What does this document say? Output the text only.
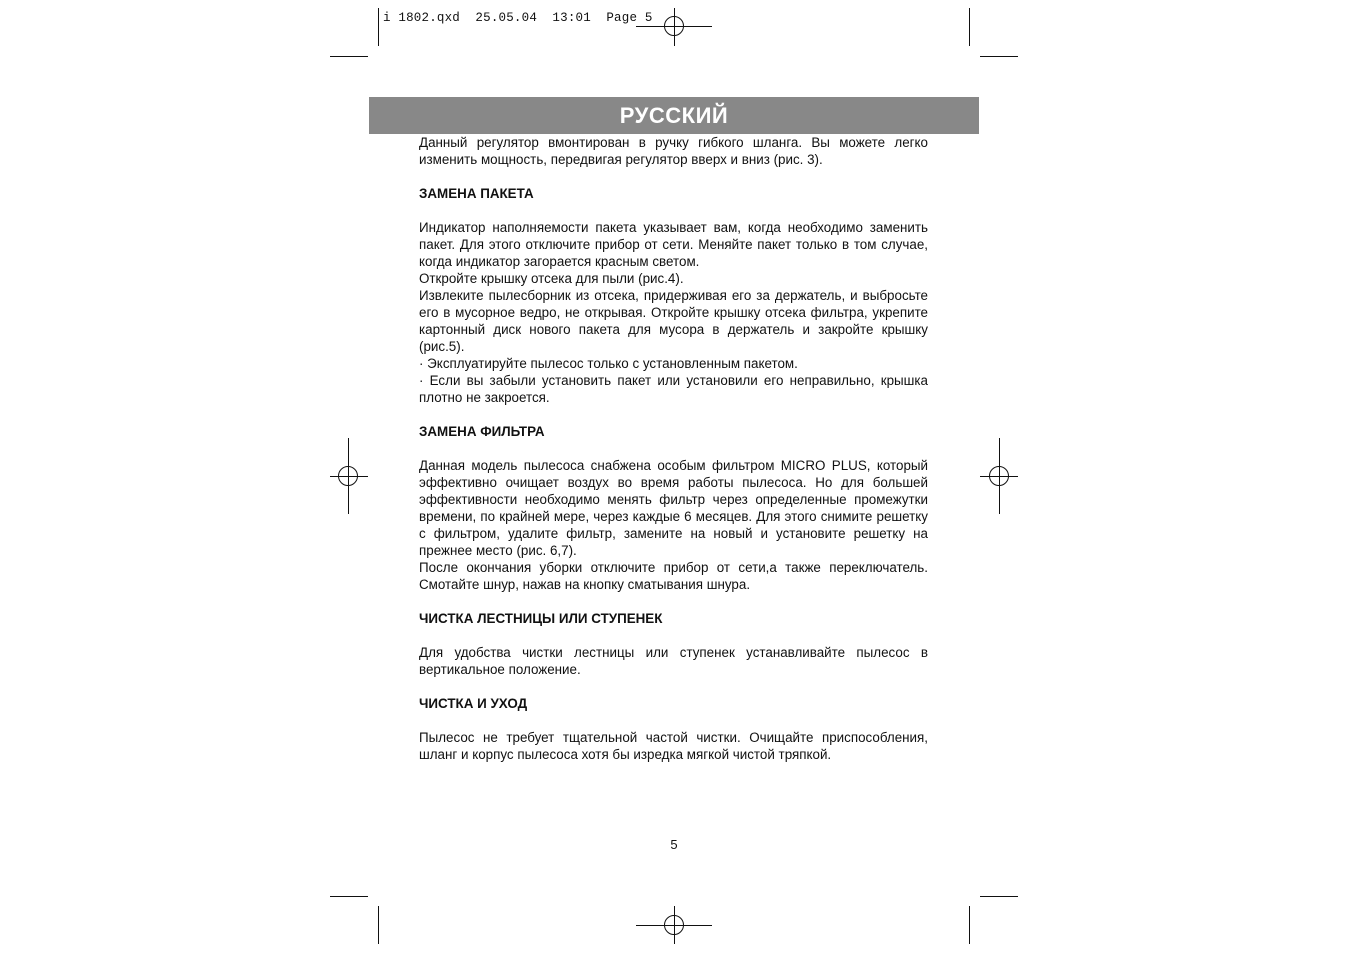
i 1802.qxd  25.05.04  13:01  Page 5
РУССКИЙ

Данный регулятор вмонтирован в ручку гибкого шланга. Вы можете легко изменить мощность, передвигая регулятор вверх и вниз (рис. 3).

ЗАМЕНА ПАКЕТА

Индикатор наполняемости пакета указывает вам, когда необходимо заменить пакет. Для этого отключите прибор от сети. Меняйте пакет только в том случае, когда индикатор загорается красным светом.

Откройте крышку отсека для пыли (рис.4).

Извлеките пылесборник из отсека, придерживая его за держатель, и выбросьте его в мусорное ведро, не открывая. Откройте крышку отсека фильтра, укрепите картонный диск нового пакета для мусора в держатель и закройте крышку (рис.5).

· Эксплуатируйте пылесос только с установленным пакетом.

· Если вы забыли установить пакет или установили его неправильно, крышка плотно не закроется.

ЗАМЕНА ФИЛЬТРА

Данная модель пылесоса снабжена особым фильтром MICRO PLUS, который эффективно очищает воздух во время работы пылесоса. Но для большей эффективности необходимо менять фильтр через определенные промежутки времени, по крайней мере, через каждые 6 месяцев. Для этого снимите решетку с фильтром, удалите фильтр, замените на новый и установите решетку на прежнее место (рис. 6,7).

После окончания уборки отключите прибор от сети,а также переключатель. Смотайте шнур, нажав на кнопку сматывания шнура.

ЧИСТКА ЛЕСТНИЦЫ ИЛИ СТУПЕНЕК

Для удобства чистки лестницы или ступенек устанавливайте пылесос в вертикальное положение.

ЧИСТКА И УХОД

Пылесос не требует тщательной частой чистки. Очищайте приспособления, шланг и корпус пылесоса хотя бы изредка мягкой чистой тряпкой.

5
